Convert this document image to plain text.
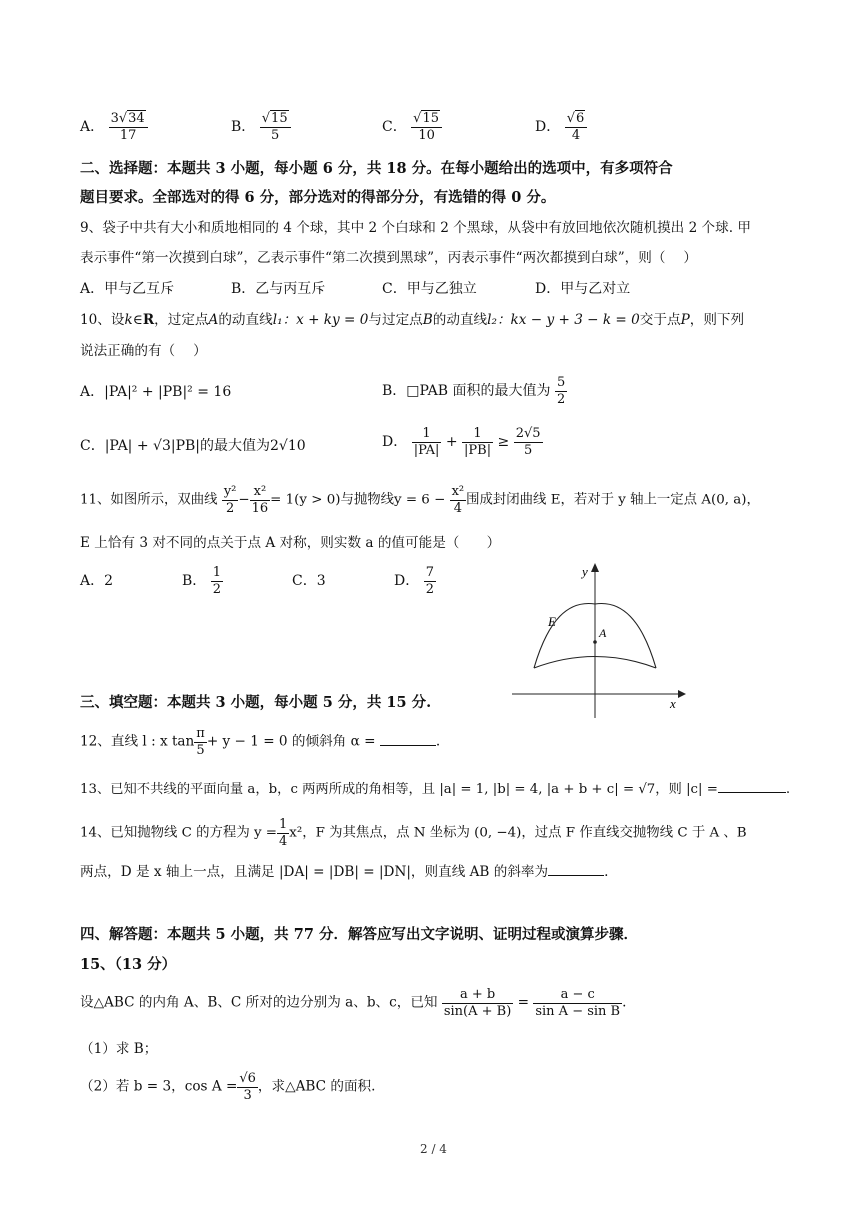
A． $\frac{3√34}{17}$	B． $\frac{√15}{5}$	C． $\frac{√15}{10}$	D． $\frac{√6}{4}$
二、选择题：本题共 3 小题，每小题 6 分，共 18 分。在每小题给出的选项中，有多项符合
题目要求。全部选对的得 6 分，部分选对的得部分分，有选错的得 0 分。
9、袋子中共有大小和质地相同的 4 个球，其中 2 个白球和 2 个黑球，从袋中有放回地依次随机摸出 2 个球. 甲
表示事件“第一次摸到白球”，乙表示事件“第二次摸到黑球”，丙表示事件“两次都摸到白球”，则（　 ）
A．甲与乙互斥	B．乙与丙互斥	C．甲与乙独立	D．甲与乙对立
10、设k∈R，过定点A的动直线l₁：x + ky = 0与过定点B的动直线l₂：kx − y + 3 − k = 0交于点P，则下列
说法正确的有（　 ）
A．|PA|² + |PB|² = 16	B．□PAB 面积的最大值为 $\frac{5}{2}$
C．|PA| + √3|PB|的最大值为2√10	D． $\frac{1}{|PA|} + \frac{1}{|PB|} \ge \frac{2√5}{5}$
11、如图所示，双曲线 $\frac{\text{y²}}{2} - \frac{\text{x²}}{16} = 1(y > 0)$与抛物线$y = 6 - \frac{\text{x²}}{4}$ 围成封闭曲线 E，若对于 y 轴上一定点 A(0, a)，
E 上恰有 3 对不同的点关于点 A 对称，则实数 a 的值可能是（　　）
A．2	B． $\frac{1}{2}$	C．3	D． $\frac{7}{2}$	y
x
E
A
三、填空题：本题共 3 小题，每小题 5 分，共 15 分.
12、直线 l : x $\tan \frac{\pi}{5} + y - 1 = 0$ 的倾斜角 α =	.
13、已知不共线的平面向量 a，b，c 两两所成的角相等，且 |a| = 1, |b| = 4, |a + b + c| = √7，则 |c| =	.
14、已知抛物线 C 的方程为 $y = \frac{1}{4} x^2$，F 为其焦点，点 N 坐标为 (0, −4)，过点 F 作直线交抛物线 C 于 A 、B
两点，D 是 x 轴上一点，且满足 |DA| = |DB| = |DN|，则直线 AB 的斜率为	.
四、解答题：本题共 5 小题，共 77 分．解答应写出文字说明、证明过程或演算步骤．
15、（13 分）
设△ABC 的内角 A、B、C 所对的边分别为 a、b、c，已知 $\frac{a + b}{\sin(A + B)} = \frac{a - c}{\text{sin A − sin B}}$ .
（1）求 B；
（2）若 b = 3，$\cos A = \frac{√6}{3}$ ，求△ABC 的面积.
2 / 4
